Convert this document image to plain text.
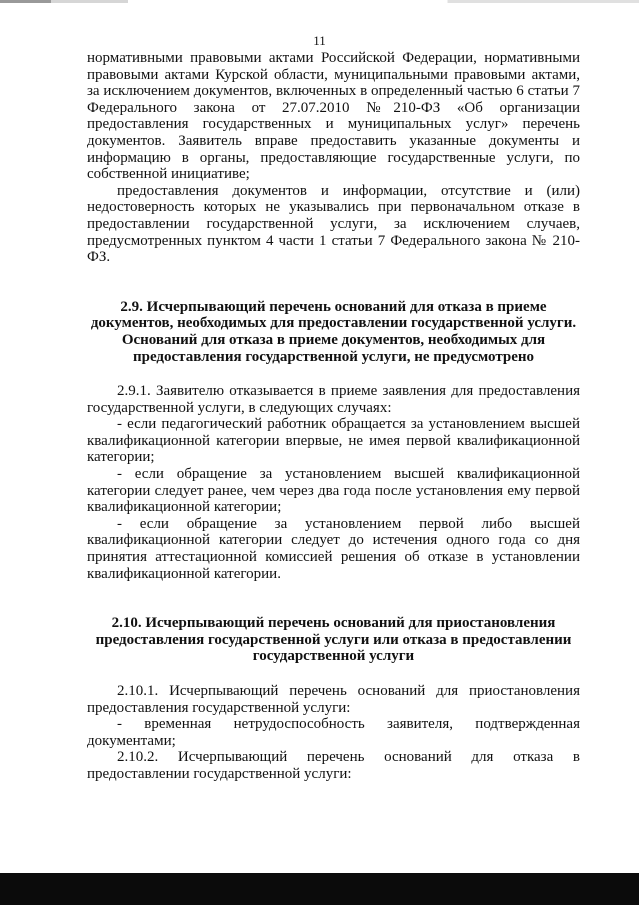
11

нормативными правовыми актами Российской Федерации, нормативными правовыми актами Курской области, муниципальными правовыми актами, за исключением документов, включенных в определенный частью 6 статьи 7 Федерального закона от 27.07.2010 №210-ФЗ «Об организации предоставления государственных и муниципальных услуг» перечень документов. Заявитель вправе предоставить указанные документы и информацию в органы, предоставляющие государственные услуги, по собственной инициативе;

предоставления документов и информации, отсутствие и (или) недостоверность которых не указывались при первоначальном отказе в предоставлении государственной услуги, за исключением случаев, предусмотренных пунктом 4 части 1 статьи 7 Федерального закона № 210-ФЗ.

2.9. Исчерпывающий перечень оснований для отказа в приеме документов, необходимых для предоставлении государственной услуги. Оснований для отказа в приеме документов, необходимых для предоставления государственной услуги, не предусмотрено

2.9.1. Заявителю отказывается в приеме заявления для предоставления государственной услуги, в следующих случаях:

- если педагогический работник обращается за установлением высшей квалификационной категории впервые, не имея первой квалификационной категории;

- если обращение за установлением высшей квалификационной категории следует ранее, чем через два года после установления ему первой квалификационной категории;

- если обращение за установлением первой либо высшей квалификационной категории следует до истечения одного года со дня принятия аттестационной комиссией решения об отказе в установлении квалификационной категории.

2.10. Исчерпывающий перечень оснований для приостановления предоставления государственной услуги или отказа в предоставлении государственной услуги

2.10.1. Исчерпывающий перечень оснований для приостановления предоставления государственной услуги:

- временная нетрудоспособность заявителя, подтвержденная документами;

2.10.2. Исчерпывающий перечень оснований для отказа в предоставлении государственной услуги:
